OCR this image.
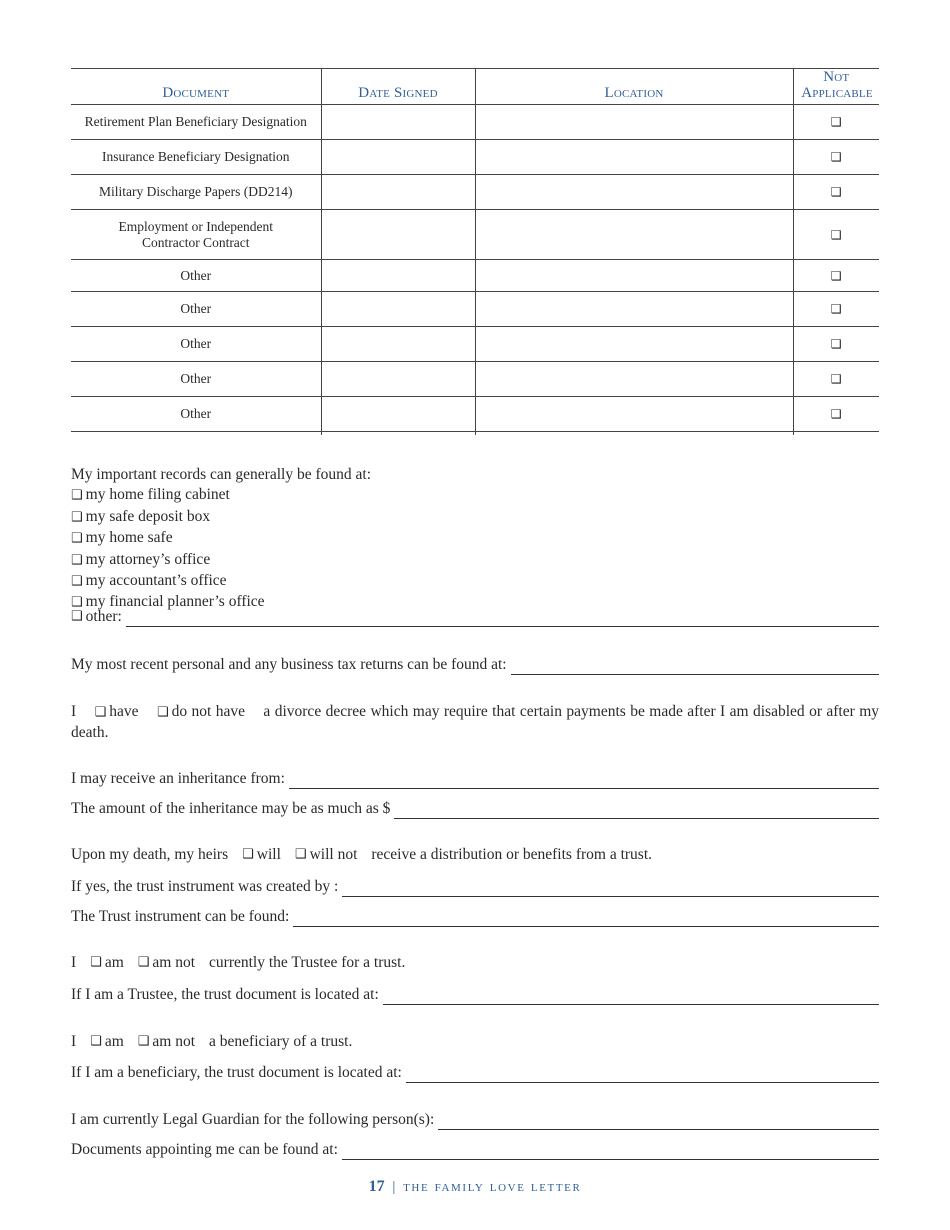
Document	Date Signed	Location	Not Applicable
Retirement Plan Beneficiary Designation			❑
Insurance Beneficiary Designation			❑
Military Discharge Papers (DD214)			❑
Employment or Independent Contractor Contract			❑
Other			❑
Other			❑
Other			❑
Other			❑
Other			❑
My important records can generally be found at:
❑ my home filing cabinet
❑ my safe deposit box
❑ my home safe
❑ my attorney’s office
❑ my accountant’s office
❑ my financial planner’s office
❑ other:
My most recent personal and any business tax returns can be found at:
I ❑ have ❑ do not have a divorce decree which may require that certain payments be made after I am disabled or after my death.
I may receive an inheritance from:
The amount of the inheritance may be as much as $
Upon my death, my heirs ❑ will ❑ will not receive a distribution or benefits from a trust.
If yes, the trust instrument was created by :
The Trust instrument can be found:
I ❑ am ❑ am not currently the Trustee for a trust.
If I am a Trustee, the trust document is located at:
I ❑ am ❑ am not a beneficiary of a trust.
If I am a beneficiary, the trust document is located at:
I am currently Legal Guardian for the following person(s):
Documents appointing me can be found at:
17 | the family love letter
